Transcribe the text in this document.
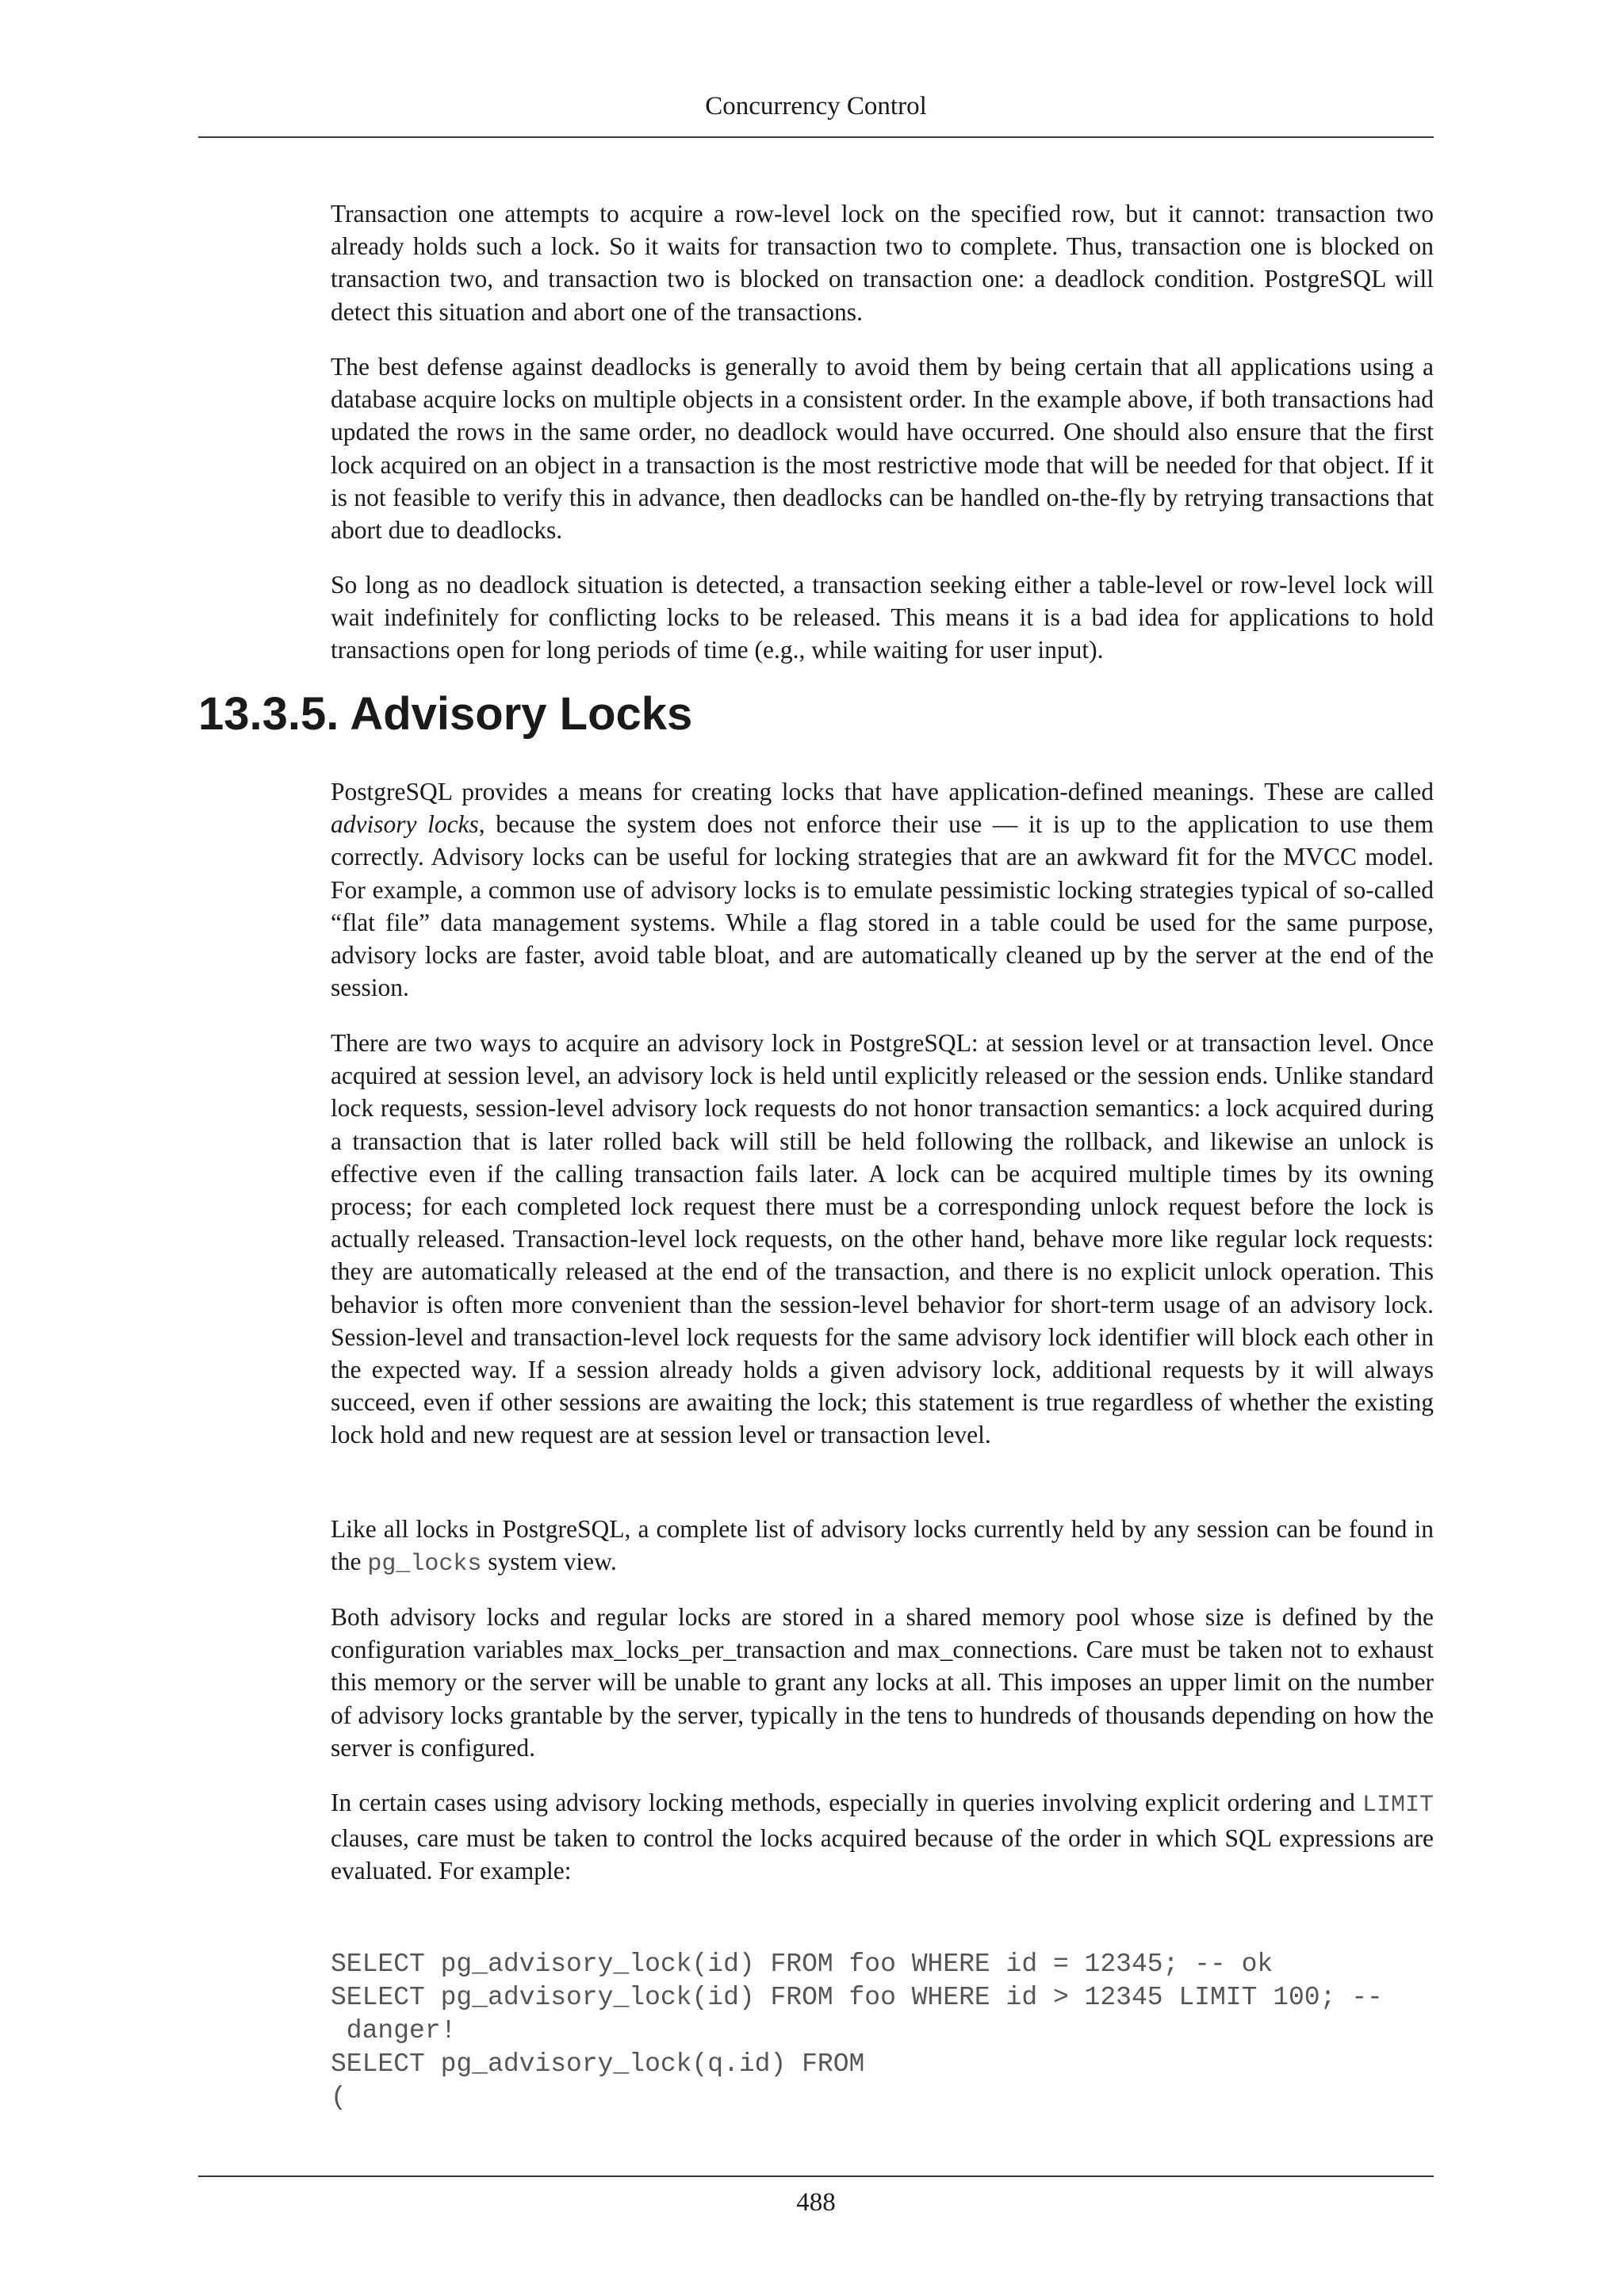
Concurrency Control

Transaction one attempts to acquire a row-level lock on the specified row, but it cannot: transaction two already holds such a lock. So it waits for transaction two to complete. Thus, transaction one is blocked on transaction two, and transaction two is blocked on transaction one: a deadlock condition. PostgreSQL will detect this situation and abort one of the transactions.

The best defense against deadlocks is generally to avoid them by being certain that all applications using a database acquire locks on multiple objects in a consistent order. In the example above, if both transactions had updated the rows in the same order, no deadlock would have occurred. One should also ensure that the first lock acquired on an object in a transaction is the most restrictive mode that will be needed for that object. If it is not feasible to verify this in advance, then deadlocks can be handled on-the-fly by retrying transactions that abort due to deadlocks.

So long as no deadlock situation is detected, a transaction seeking either a table-level or row-level lock will wait indefinitely for conflicting locks to be released. This means it is a bad idea for applications to hold transactions open for long periods of time (e.g., while waiting for user input).

13.3.5. Advisory Locks

PostgreSQL provides a means for creating locks that have application-defined meanings. These are called advisory locks, because the system does not enforce their use — it is up to the application to use them correctly. Advisory locks can be useful for locking strategies that are an awkward fit for the MVCC model. For example, a common use of advisory locks is to emulate pessimistic locking strategies typical of so-called “flat file” data management systems. While a flag stored in a table could be used for the same purpose, advisory locks are faster, avoid table bloat, and are automatically cleaned up by the server at the end of the session.

There are two ways to acquire an advisory lock in PostgreSQL: at session level or at transaction level. Once acquired at session level, an advisory lock is held until explicitly released or the session ends. Unlike standard lock requests, session-level advisory lock requests do not honor transaction semantics: a lock acquired during a transaction that is later rolled back will still be held following the rollback, and likewise an unlock is effective even if the calling transaction fails later. A lock can be acquired multiple times by its owning process; for each completed lock request there must be a corresponding unlock request before the lock is actually released. Transaction-level lock requests, on the other hand, behave more like regular lock requests: they are automatically released at the end of the transaction, and there is no explicit unlock operation. This behavior is often more convenient than the session-level behavior for short-term usage of an advisory lock. Session-level and transaction-level lock requests for the same advisory lock identifier will block each other in the expected way. If a session already holds a given advisory lock, additional requests by it will always succeed, even if other sessions are awaiting the lock; this statement is true regardless of whether the existing lock hold and new request are at session level or transaction level.

Like all locks in PostgreSQL, a complete list of advisory locks currently held by any session can be found in the pg_locks system view.

Both advisory locks and regular locks are stored in a shared memory pool whose size is defined by the configuration variables max_locks_per_transaction and max_connections. Care must be taken not to exhaust this memory or the server will be unable to grant any locks at all. This imposes an upper limit on the number of advisory locks grantable by the server, typically in the tens to hundreds of thousands depending on how the server is configured.

In certain cases using advisory locking methods, especially in queries involving explicit ordering and LIMIT clauses, care must be taken to control the locks acquired because of the order in which SQL expressions are evaluated. For example:

SELECT pg_advisory_lock(id) FROM foo WHERE id = 12345; -- ok
SELECT pg_advisory_lock(id) FROM foo WHERE id > 12345 LIMIT 100; --
danger!
SELECT pg_advisory_lock(q.id) FROM
(
488
